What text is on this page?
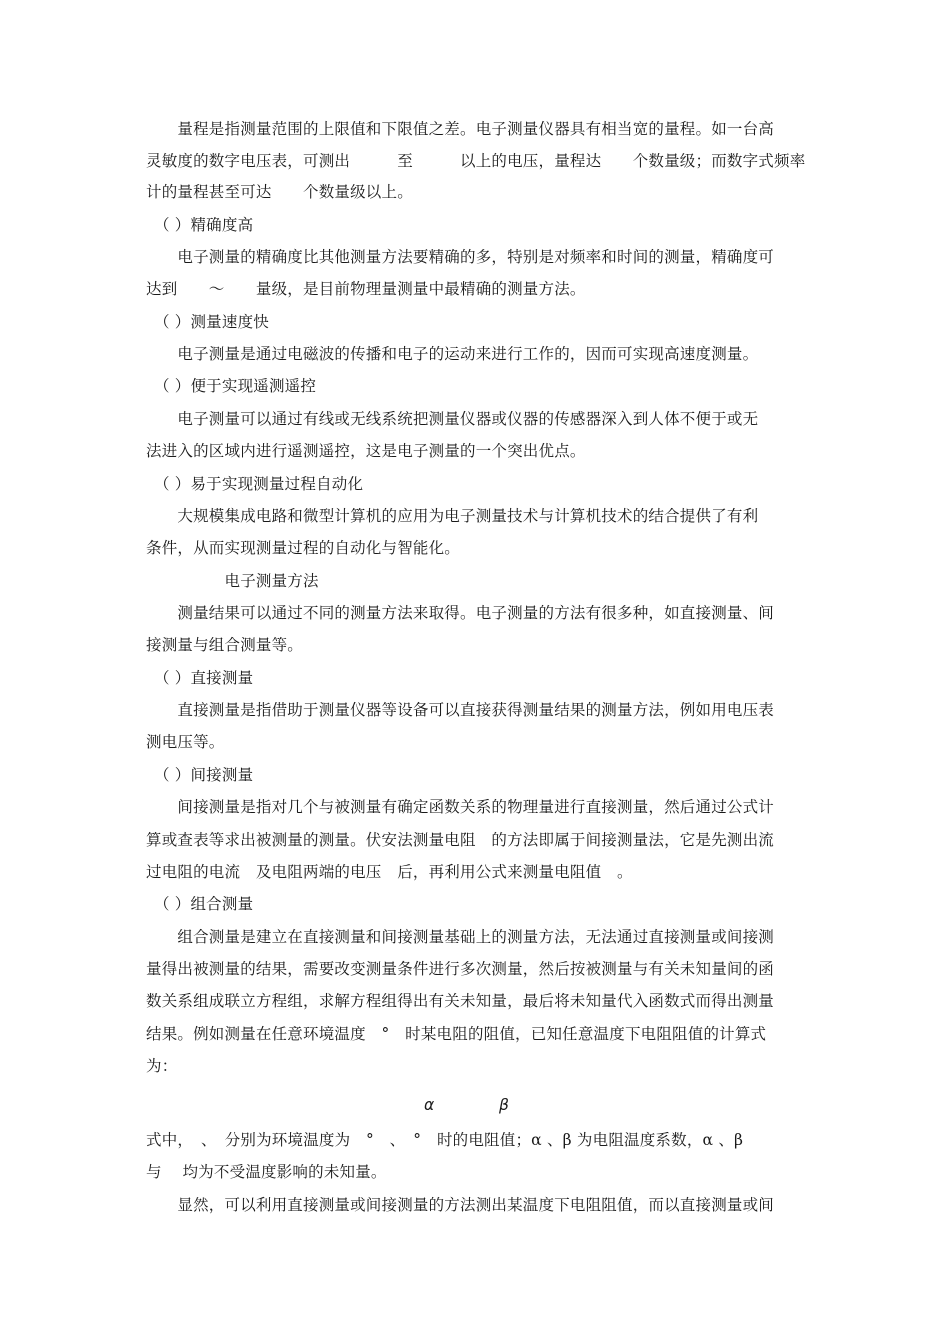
　　量程是指测量范围的上限值和下限值之差。电子测量仪器具有相当宽的量程。如一台高
灵敏度的数字电压表，可测出　　　至　　　以上的电压，量程达　　个数量级；而数字式频率
计的量程甚至可达　　个数量级以上。
　（ ）精确度高
　　电子测量的精确度比其他测量方法要精确的多，特别是对频率和时间的测量，精确度可
达到　　～　　量级，是目前物理量测量中最精确的测量方法。
　（ ）测量速度快
　　电子测量是通过电磁波的传播和电子的运动来进行工作的，因而可实现高速度测量。
　（ ）便于实现遥测遥控
　　电子测量可以通过有线或无线系统把测量仪器或仪器的传感器深入到人体不便于或无
法进入的区域内进行遥测遥控，这是电子测量的一个突出优点。
　（ ）易于实现测量过程自动化
　　大规模集成电路和微型计算机的应用为电子测量技术与计算机技术的结合提供了有利
条件，从而实现测量过程的自动化与智能化。
　　　　　电子测量方法
　　测量结果可以通过不同的测量方法来取得。电子测量的方法有很多种，如直接测量、间
接测量与组合测量等。
　（ ）直接测量
　　直接测量是指借助于测量仪器等设备可以直接获得测量结果的测量方法，例如用电压表
测电压等。
　（ ）间接测量
　　间接测量是指对几个与被测量有确定函数关系的物理量进行直接测量，然后通过公式计
算或查表等求出被测量的测量。伏安法测量电阻　的方法即属于间接测量法，它是先测出流
过电阻的电流　及电阻两端的电压　后，再利用公式来测量电阻值　。
　（ ）组合测量
　　组合测量是建立在直接测量和间接测量基础上的测量方法，无法通过直接测量或间接测
量得出被测量的结果，需要改变测量条件进行多次测量，然后按被测量与有关未知量间的函
数关系组成联立方程组，求解方程组得出有关未知量，最后将未知量代入函数式而得出测量
结果。例如测量在任意环境温度　°　时某电阻的阻值，已知任意温度下电阻阻值的计算式
为：
α	β
式中，　、　分别为环境温度为　°　、　°　时的电阻值；α 、β 为电阻温度系数，α 、β
与　 均为不受温度影响的未知量。
　　显然，可以利用直接测量或间接测量的方法测出某温度下电阻阻值，而以直接测量或间
